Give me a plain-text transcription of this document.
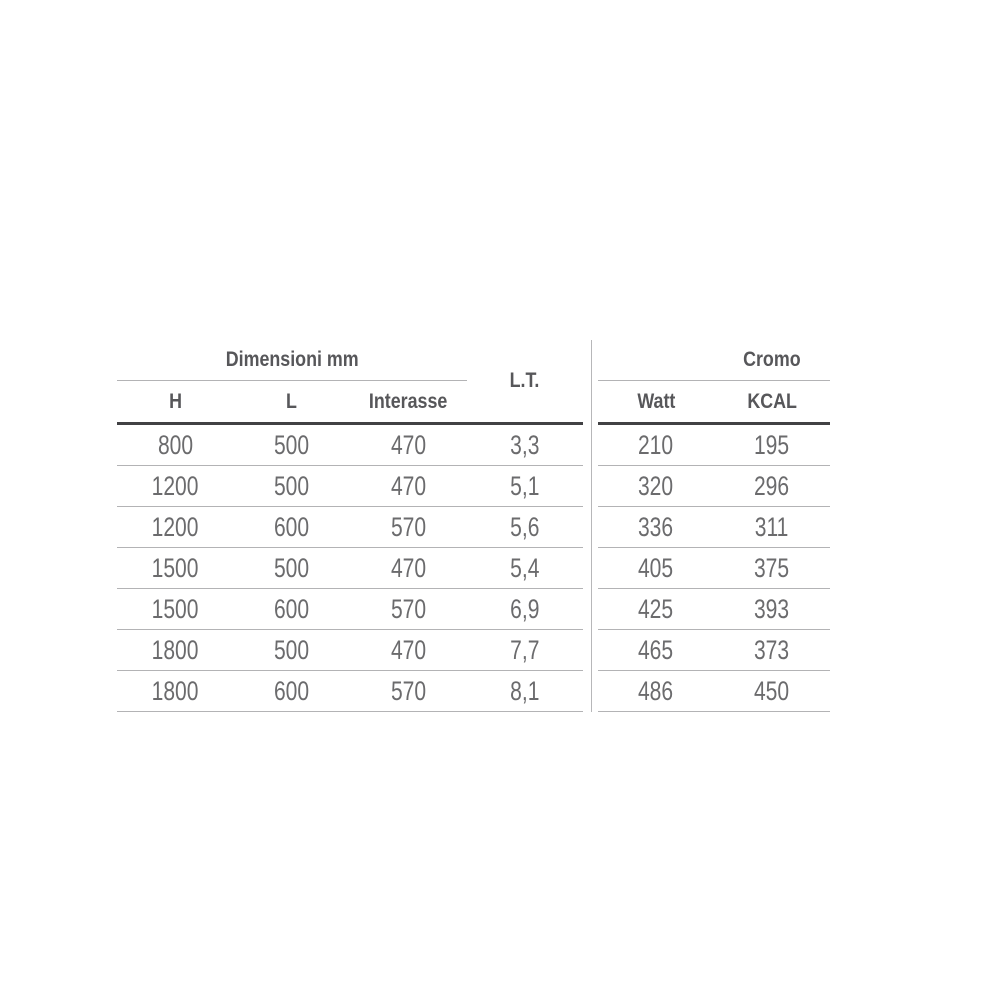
Dimensioni mm
L.T.
H	L	Interasse
800	500	470	3,3
1200	500	470	5,1
1200	600	570	5,6
1500	500	470	5,4
1500	600	570	6,9
1800	500	470	7,7
1800	600	570	8,1
Cromo
Watt	KCAL
210	195
320	296
336	311
405	375
425	393
465	373
486	450
